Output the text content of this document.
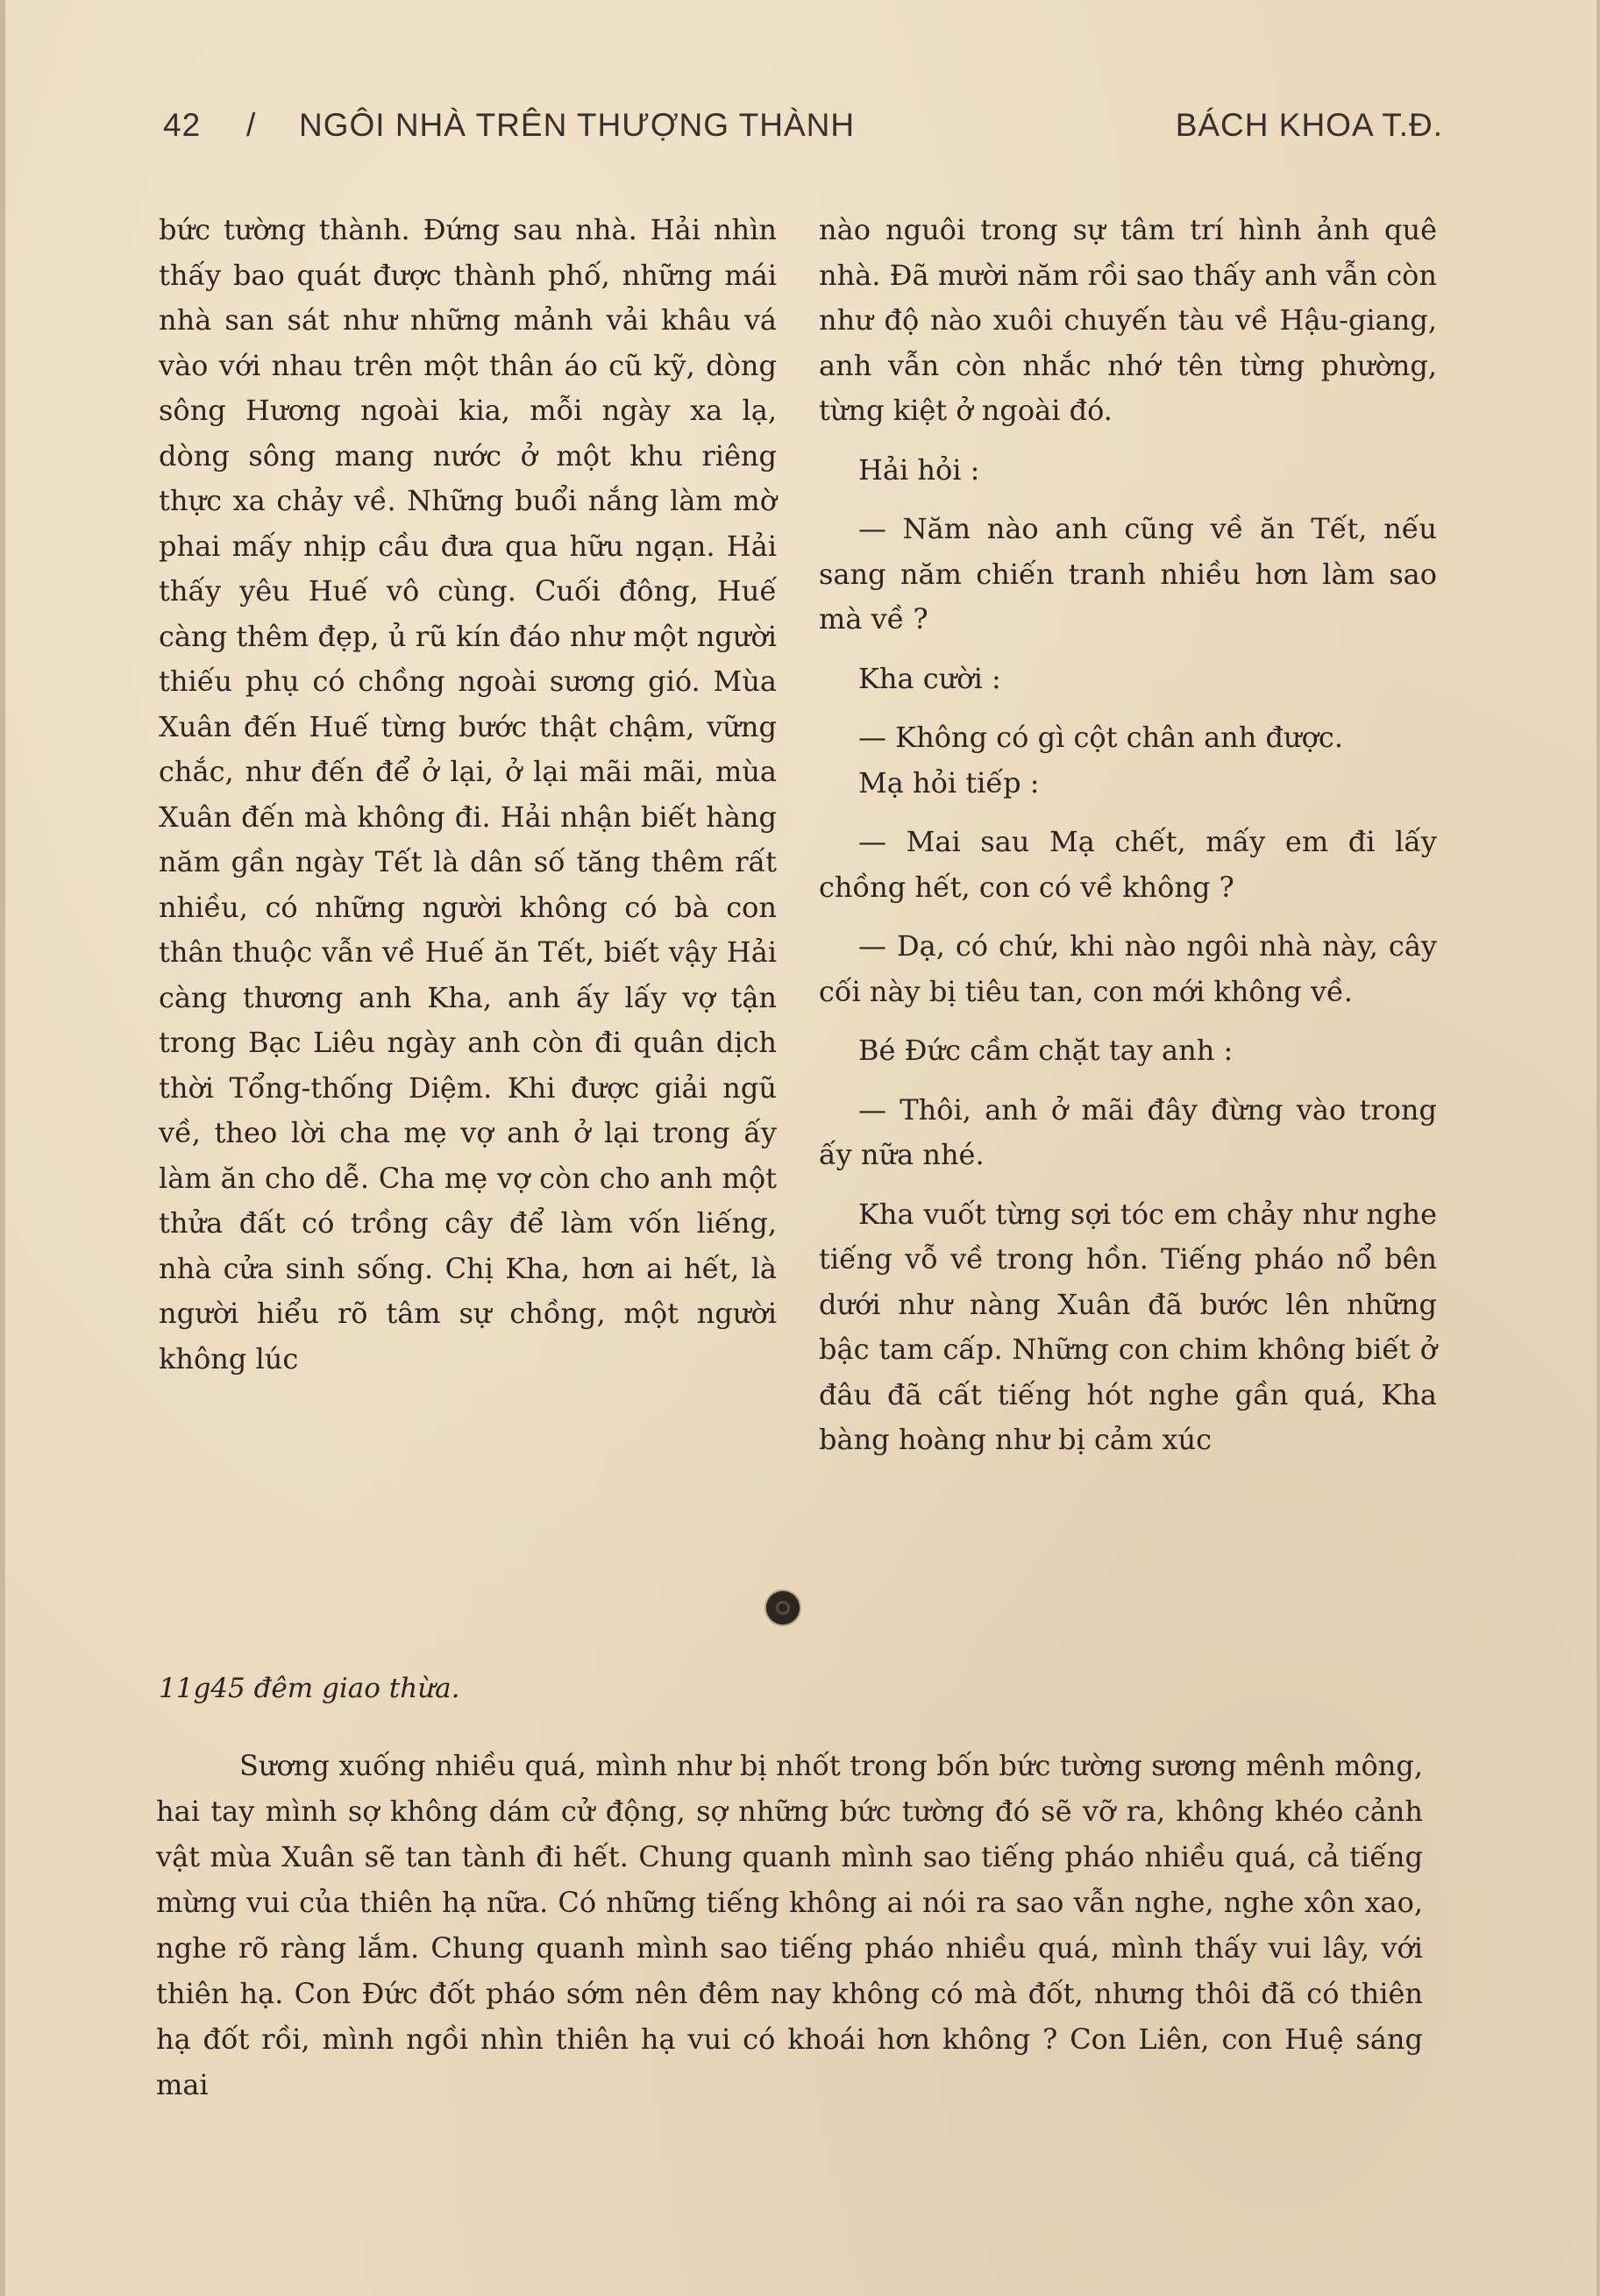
42 / NGÔI NHÀ TRÊN THƯỢNG THÀNH	BÁCH KHOA T.Đ.

bức tường thành. Đứng sau nhà. Hải nhìn thấy bao quát được thành phố, những mái nhà san sát như những mảnh vải khâu vá vào với nhau trên một thân áo cũ kỹ, dòng sông Hương ngoài kia, mỗi ngày xa lạ, dòng sông mang nước ở một khu riêng thực xa chảy về. Những buổi nắng làm mờ phai mấy nhịp cầu đưa qua hữu ngạn. Hải thấy yêu Huế vô cùng. Cuối đông, Huế càng thêm đẹp, ủ rũ kín đáo như một người thiếu phụ có chồng ngoài sương gió. Mùa Xuân đến Huế từng bước thật chậm, vững chắc, như đến để ở lại, ở lại mãi mãi, mùa Xuân đến mà không đi. Hải nhận biết hàng năm gần ngày Tết là dân số tăng thêm rất nhiều, có những người không có bà con thân thuộc vẫn về Huế ăn Tết, biết vậy Hải càng thương anh Kha, anh ấy lấy vợ tận trong Bạc Liêu ngày anh còn đi quân dịch thời Tổng-thống Diệm. Khi được giải ngũ về, theo lời cha mẹ vợ anh ở lại trong ấy làm ăn cho dễ. Cha mẹ vợ còn cho anh một thửa đất có trồng cây để làm vốn liếng, nhà cửa sinh sống. Chị Kha, hơn ai hết, là người hiểu rõ tâm sự chồng, một người không lúc

nào nguôi trong sự tâm trí hình ảnh quê nhà. Đã mười năm rồi sao thấy anh vẫn còn như độ nào xuôi chuyến tàu về Hậu-giang, anh vẫn còn nhắc nhớ tên từng phường, từng kiệt ở ngoài đó.

Hải hỏi :

— Năm nào anh cũng về ăn Tết, nếu sang năm chiến tranh nhiều hơn làm sao mà về ?

Kha cười :

— Không có gì cột chân anh được.

Mạ hỏi tiếp :

— Mai sau Mạ chết, mấy em đi lấy chồng hết, con có về không ?

— Dạ, có chứ, khi nào ngôi nhà này, cây cối này bị tiêu tan, con mới không về.

Bé Đức cầm chặt tay anh :

— Thôi, anh ở mãi đây đừng vào trong ấy nữa nhé.

Kha vuốt từng sợi tóc em chảy như nghe tiếng vỗ về trong hồn. Tiếng pháo nổ bên dưới như nàng Xuân đã bước lên những bậc tam cấp. Những con chim không biết ở đâu đã cất tiếng hót nghe gần quá, Kha bàng hoàng như bị cảm xúc

11g45 đêm giao thừa.

Sương xuống nhiều quá, mình như bị nhốt trong bốn bức tường sương mênh mông, hai tay mình sợ không dám cử động, sợ những bức tường đó sẽ vỡ ra, không khéo cảnh vật mùa Xuân sẽ tan tành đi hết. Chung quanh mình sao tiếng pháo nhiều quá, cả tiếng mừng vui của thiên hạ nữa. Có những tiếng không ai nói ra sao vẫn nghe, nghe xôn xao, nghe rõ ràng lắm. Chung quanh mình sao tiếng pháo nhiều quá, mình thấy vui lây, với thiên hạ. Con Đức đốt pháo sớm nên đêm nay không có mà đốt, nhưng thôi đã có thiên hạ đốt rồi, mình ngồi nhìn thiên hạ vui có khoái hơn không ? Con Liên, con Huệ sáng mai
